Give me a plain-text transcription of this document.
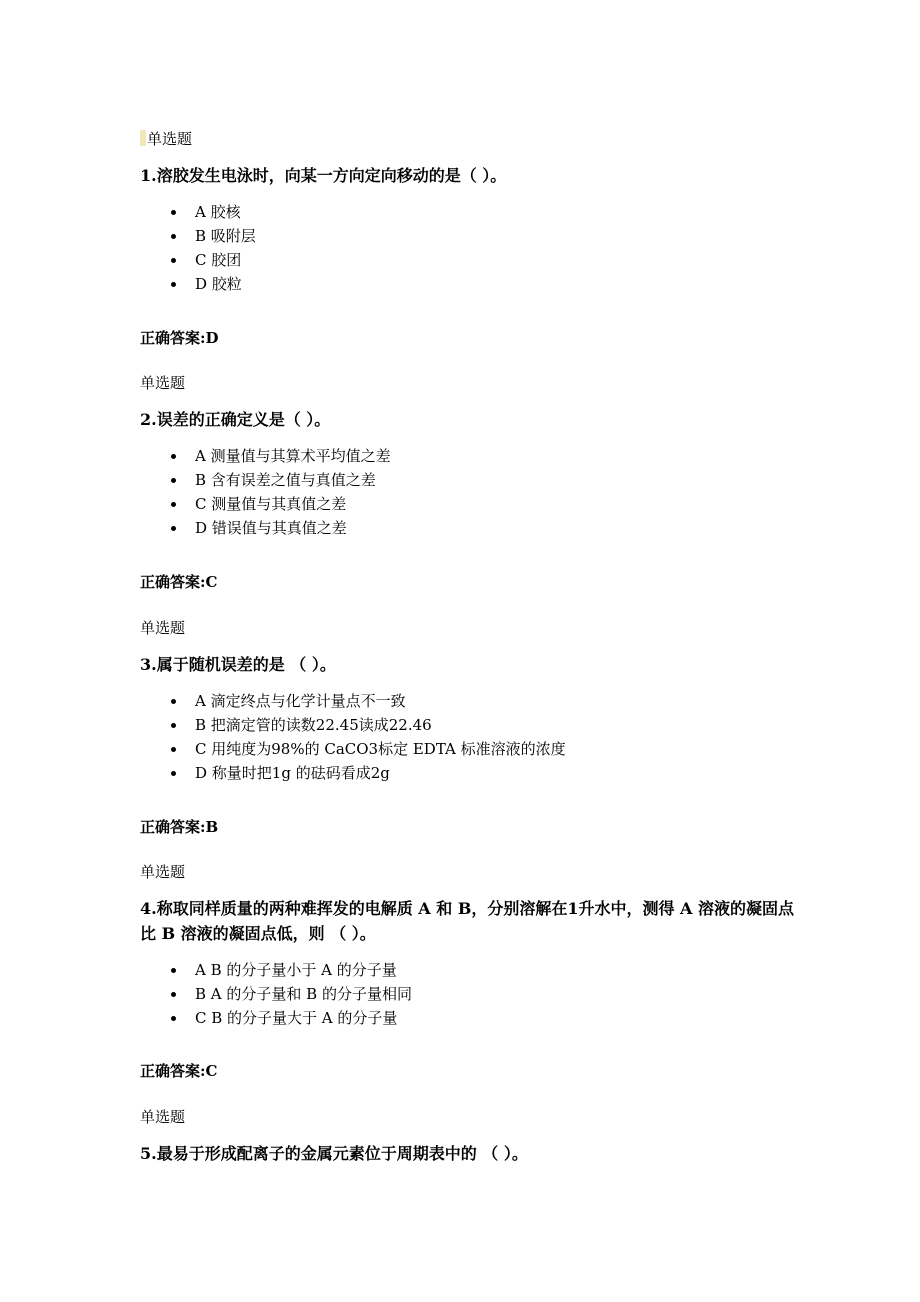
单选题

1.溶胶发生电泳时，向某一方向定向移动的是（ ）。

A 胶核
B 吸附层
C 胶团
D 胶粒

正确答案:D

单选题

2.误差的正确定义是（ ）。

A 测量值与其算术平均值之差
B 含有误差之值与真值之差
C 测量值与其真值之差
D 错误值与其真值之差

正确答案:C

单选题

3.属于随机误差的是 （ ）。

A 滴定终点与化学计量点不一致
B 把滴定管的读数22.45读成22.46
C 用纯度为98%的 CaCO3标定 EDTA 标准溶液的浓度
D 称量时把1g 的砝码看成2g

正确答案:B

单选题

4.称取同样质量的两种难挥发的电解质 A 和 B，分别溶解在1升水中，测得 A 溶液的凝固点比 B 溶液的凝固点低，则 （ ）。

A B 的分子量小于 A 的分子量
B A 的分子量和 B 的分子量相同
C B 的分子量大于 A 的分子量

正确答案:C

单选题

5.最易于形成配离子的金属元素位于周期表中的 （ ）。
